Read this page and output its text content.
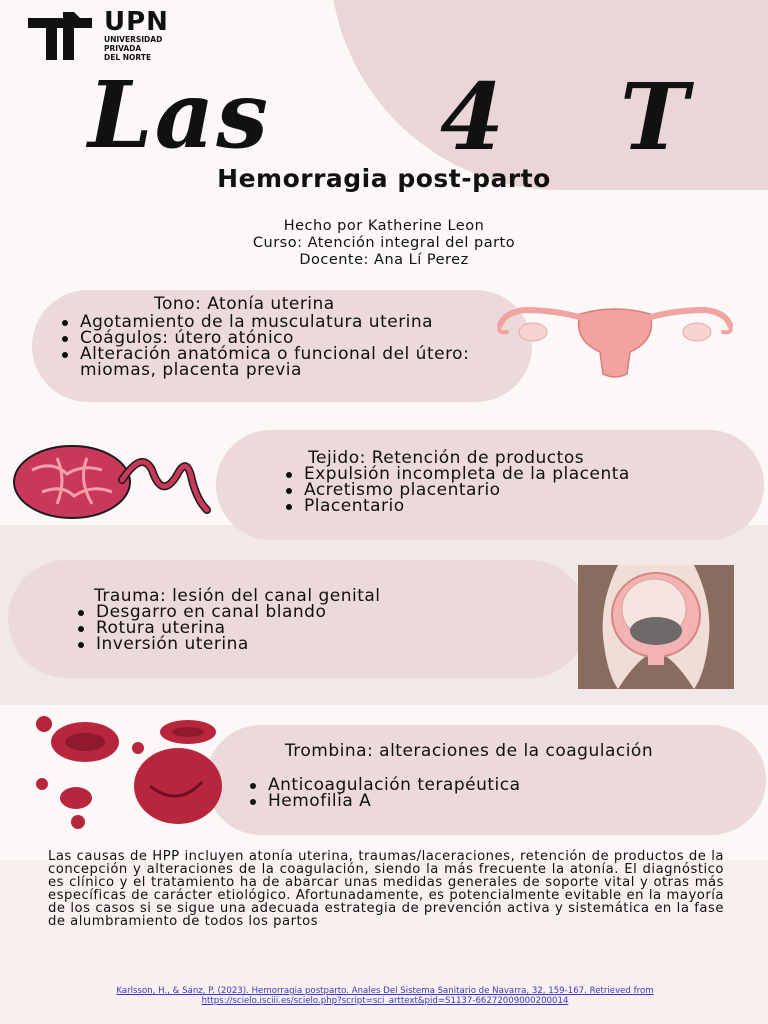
UPN
UNIVERSIDAD
PRIVADA
DEL NORTE
Las 4 T
Hemorragia post-parto
Hecho por Katherine Leon
Curso: Atención integral del parto
Docente: Ana Lí Perez
Tono: Atonía uterina
Agotamiento de la musculatura uterina
Coágulos: útero atónico
Alteración anatómica o funcional del útero: miomas, placenta previa
Tejido: Retención de productos
Expulsión incompleta de la placenta
Acretismo placentario
Placentario
Trauma: lesión del canal genital
Desgarro en canal blando
Rotura uterina
Inversión uterina
Trombina: alteraciones de la coagulación
Anticoagulación terapéutica
Hemofilia A
Las causas de HPP incluyen atonía uterina, traumas/laceraciones, retención de productos de la concepción y alteraciones de la coagulación, siendo la más frecuente la atonía. El diagnóstico es clínico y el tratamiento ha de abarcar unas medidas generales de soporte vital y otras más específicas de carácter etiológico. Afortunadamente, es potencialmente evitable en la mayoría de los casos si se sigue una adecuada estrategia de prevención activa y sistemática en la fase de alumbramiento de todos los partos
Karlsson, H., & Sanz, P. (2023). Hemorragia postparto. Anales Del Sistema Sanitario de Navarra, 32, 159-167. Retrieved from
https://scielo.isciii.es/scielo.php?script=sci_arttext&pid=S1137-66272009000200014
